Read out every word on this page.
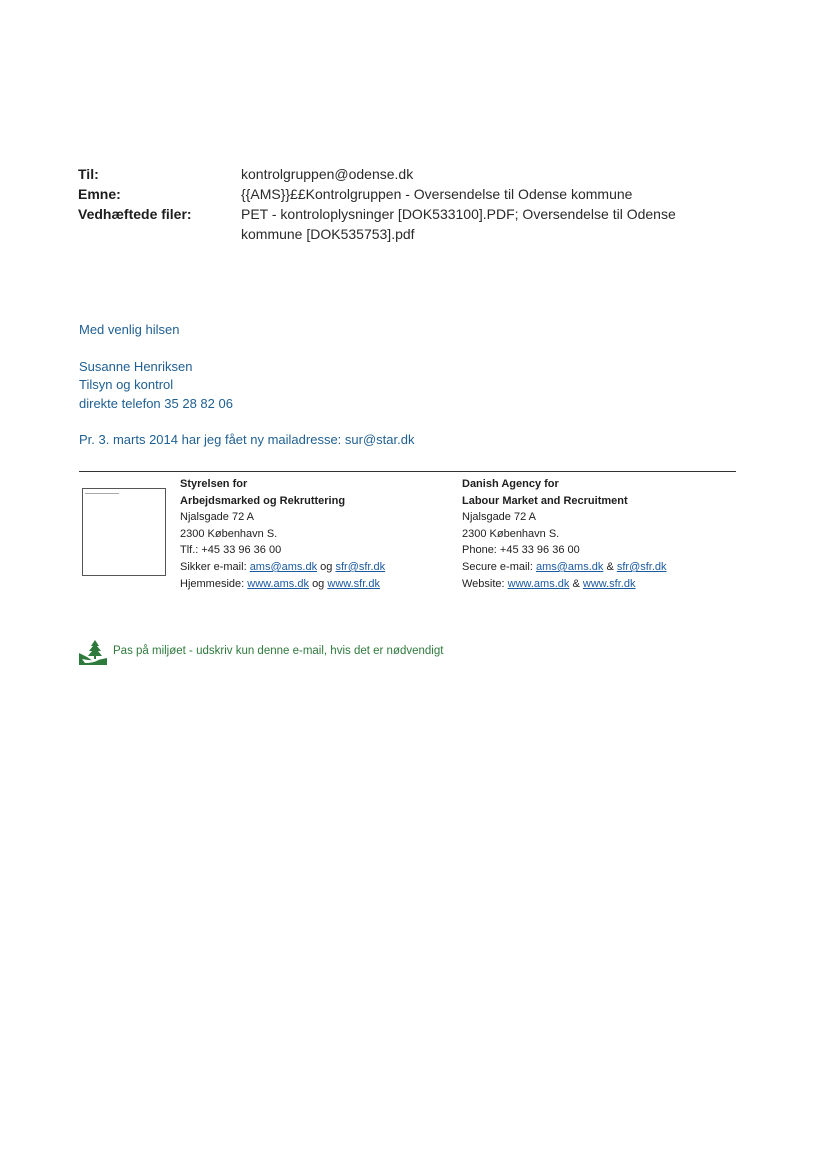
Til:	kontrolgruppen@odense.dk
Emne:	{{AMS}}££Kontrolgruppen - Oversendelse til Odense kommune
Vedhæftede filer:	PET - kontroloplysninger [DOK533100].PDF; Oversendelse til Odense
kommune [DOK535753].pdf
Med venlig hilsen
Susanne Henriksen
Tilsyn og kontrol
direkte telefon 35 28 82 06
Pr. 3. marts 2014 har jeg fået ny mailadresse: sur@star.dk
Styrelsen for
Arbejdsmarked og Rekruttering
Njalsgade 72 A
2300 København S.
Tlf.: +45 33 96 36 00
Sikker e-mail: ams@ams.dk og sfr@sfr.dk
Hjemmeside: www.ams.dk og www.sfr.dk
Danish Agency for
Labour Market and Recruitment
Njalsgade 72 A
2300 København S.
Phone: +45 33 96 36 00
Secure e-mail: ams@ams.dk & sfr@sfr.dk
Website: www.ams.dk & www.sfr.dk
Pas på miljøet - udskriv kun denne e-mail, hvis det er nødvendigt
